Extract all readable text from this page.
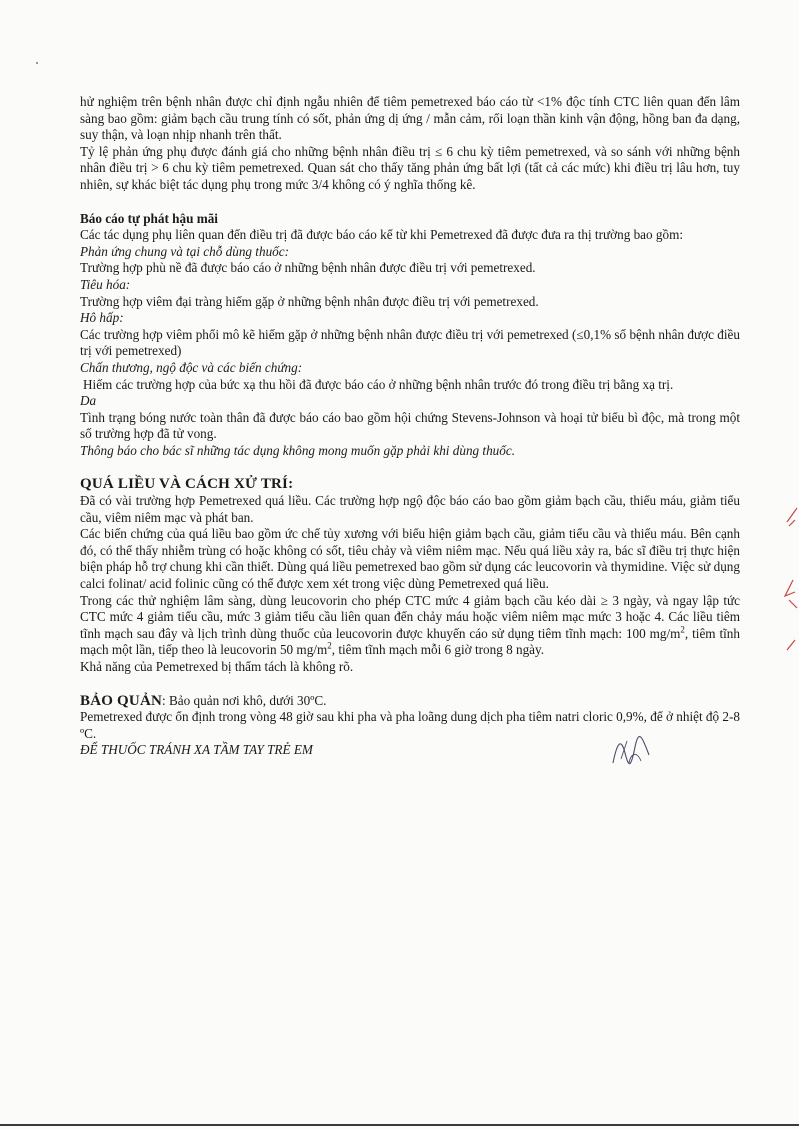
hử nghiệm trên bệnh nhân được chỉ định ngẫu nhiên để tiêm pemetrexed báo cáo từ <1% độc tính CTC liên quan đến lâm sàng bao gồm: giảm bạch cầu trung tính có sốt, phản ứng dị ứng / mẫn cảm, rối loạn thần kinh vận động, hồng ban đa dạng, suy thận, và loạn nhịp nhanh trên thất.

Tỷ lệ phản ứng phụ được đánh giá cho những bệnh nhân điều trị ≤ 6 chu kỳ tiêm pemetrexed, và so sánh với những bệnh nhân điều trị > 6 chu kỳ tiêm pemetrexed. Quan sát cho thấy tăng phản ứng bất lợi (tất cả các mức) khi điều trị lâu hơn, tuy nhiên, sự khác biệt tác dụng phụ trong mức 3/4 không có ý nghĩa thống kê.

Báo cáo tự phát hậu mãi

Các tác dụng phụ liên quan đến điều trị đã được báo cáo kể từ khi Pemetrexed đã được đưa ra thị trường bao gồm:

Phản ứng chung và tại chỗ dùng thuốc:

Trường hợp phù nề đã được báo cáo ở những bệnh nhân được điều trị với pemetrexed.

Tiêu hóa:

Trường hợp viêm đại tràng hiếm gặp ở những bệnh nhân được điều trị với pemetrexed.

Hô hấp:

Các trường hợp viêm phổi mô kẽ hiếm gặp ở những bệnh nhân được điều trị với pemetrexed (≤0,1% số bệnh nhân được điều trị với pemetrexed)

Chấn thương, ngộ độc và các biến chứng:

Hiếm các trường hợp của bức xạ thu hồi đã được báo cáo ở những bệnh nhân trước đó trong điều trị bằng xạ trị.

Da

Tình trạng bóng nước toàn thân đã được báo cáo bao gồm hội chứng Stevens-Johnson và hoại tử biểu bì độc, mà trong một số trường hợp đã tử vong.

Thông báo cho bác sĩ những tác dụng không mong muốn gặp phải khi dùng thuốc.

QUÁ LIỀU VÀ CÁCH XỬ TRÍ:

Đã có vài trường hợp Pemetrexed quá liều. Các trường hợp ngộ độc báo cáo bao gồm giảm bạch cầu, thiếu máu, giảm tiểu cầu, viêm niêm mạc và phát ban.

Các biến chứng của quá liều bao gồm ức chế tủy xương với biểu hiện giảm bạch cầu, giảm tiểu cầu và thiếu máu. Bên cạnh đó, có thể thấy nhiễm trùng có hoặc không có sốt, tiêu chảy và viêm niêm mạc. Nếu quá liều xảy ra, bác sĩ điều trị thực hiện biện pháp hỗ trợ chung khi cần thiết. Dùng quá liều pemetrexed bao gồm sử dụng các leucovorin và thymidine. Việc sử dụng calci folinat/ acid folinic cũng có thể được xem xét trong việc dùng Pemetrexed quá liều.

Trong các thử nghiệm lâm sàng, dùng leucovorin cho phép CTC mức 4 giảm bạch cầu kéo dài ≥ 3 ngày, và ngay lập tức CTC mức 4 giảm tiểu cầu, mức 3 giảm tiểu cầu liên quan đến chảy máu hoặc viêm niêm mạc mức 3 hoặc 4. Các liều tiêm tĩnh mạch sau đây và lịch trình dùng thuốc của leucovorin được khuyến cáo sử dụng tiêm tĩnh mạch: 100 $mg/m^2$, tiêm tĩnh mạch một lần, tiếp theo là leucovorin 50 $mg/m^2$, tiêm tĩnh mạch mỗi 6 giờ trong 8 ngày.

Khả năng của Pemetrexed bị thẩm tách là không rõ.

BẢO QUẢN: Bảo quản nơi khô, dưới 30ºC.

Pemetrexed được ổn định trong vòng 48 giờ sau khi pha và pha loãng dung dịch pha tiêm natri cloric 0,9%, để ở nhiệt độ 2-8 ºC.

ĐỂ THUỐC TRÁNH XA TẦM TAY TRẺ EM
